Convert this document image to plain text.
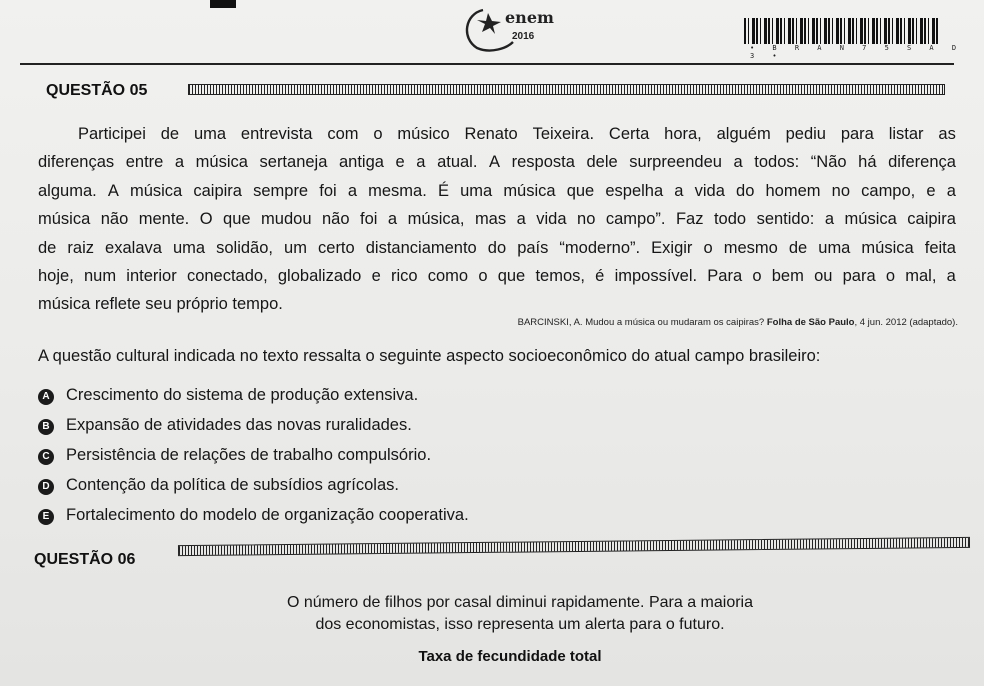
enem
2016
• B R A N 7 5 S A D 3 •
QUESTÃO 05
Participei de uma entrevista com o músico Renato Teixeira. Certa hora, alguém pediu para listar as
diferenças entre a música sertaneja antiga e a atual. A resposta dele surpreendeu a todos: “Não há diferença
alguma. A música caipira sempre foi a mesma. É uma música que espelha a vida do homem no campo, e a
música não mente. O que mudou não foi a música, mas a vida no campo”. Faz todo sentido: a música caipira
de raiz exalava uma solidão, um certo distanciamento do país “moderno”. Exigir o mesmo de uma música feita
hoje, num interior conectado, globalizado e rico como o que temos, é impossível. Para o bem ou para o mal, a
música reflete seu próprio tempo.
BARCINSKI, A. Mudou a música ou mudaram os caipiras? Folha de São Paulo, 4 jun. 2012 (adaptado).
A questão cultural indicada no texto ressalta o seguinte aspecto socioeconômico do atual campo brasileiro:
A Crescimento do sistema de produção extensiva.
B Expansão de atividades das novas ruralidades.
C Persistência de relações de trabalho compulsório.
D Contenção da política de subsídios agrícolas.
E Fortalecimento do modelo de organização cooperativa.
QUESTÃO 06
O número de filhos por casal diminui rapidamente. Para a maioria
dos economistas, isso representa um alerta para o futuro.
Taxa de fecundidade total
